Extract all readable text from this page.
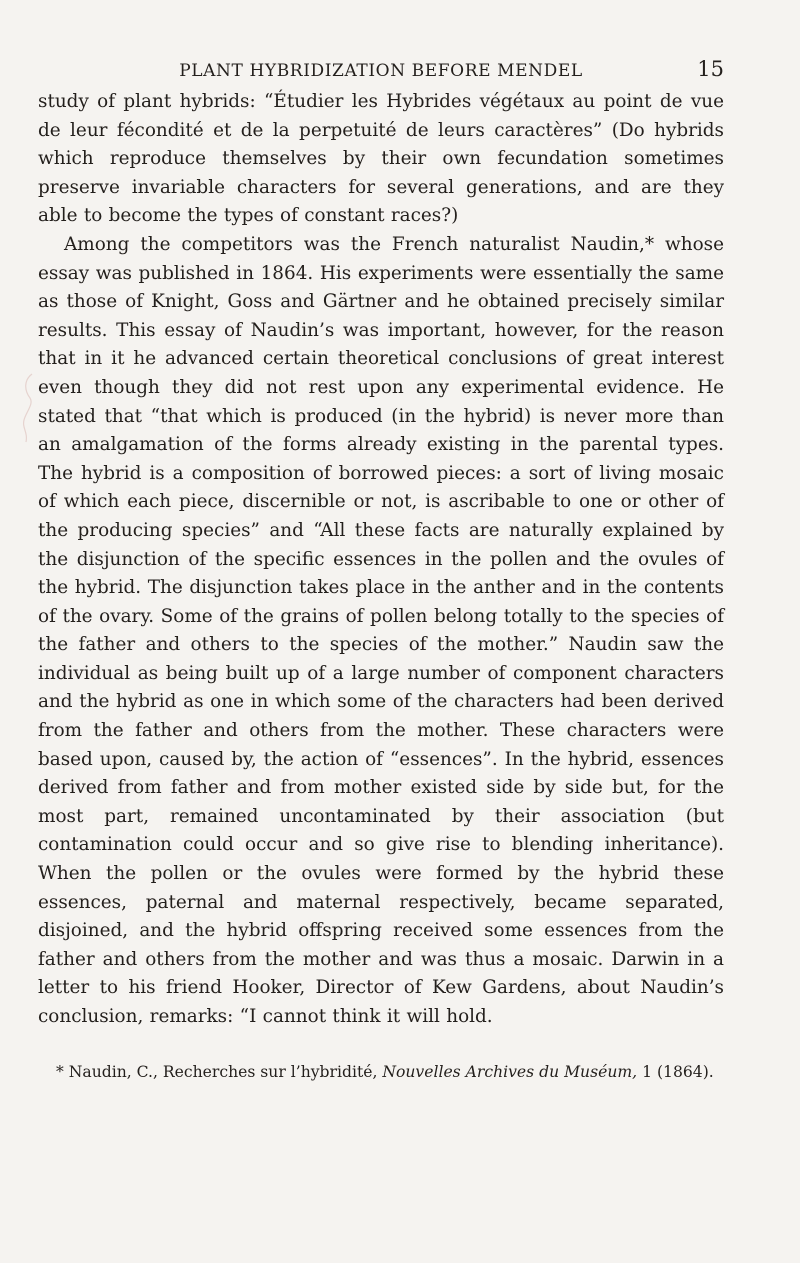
PLANT HYBRIDIZATION BEFORE MENDEL	15

study of plant hybrids: “Étudier les Hybrides végétaux au point de vue de leur fécondité et de la perpetuité de leurs caractères” (Do hybrids which reproduce themselves by their own fecundation sometimes preserve invariable characters for several generations, and are they able to become the types of constant races?)

Among the competitors was the French naturalist Naudin,* whose essay was published in 1864. His experiments were essentially the same as those of Knight, Goss and Gärtner and he obtained precisely similar results. This essay of Naudin’s was important, however, for the reason that in it he advanced certain theoretical conclusions of great interest even though they did not rest upon any experimental evidence. He stated that “that which is produced (in the hybrid) is never more than an amalgamation of the forms already existing in the parental types. The hybrid is a composition of borrowed pieces: a sort of living mosaic of which each piece, discernible or not, is ascribable to one or other of the producing species” and “All these facts are naturally explained by the disjunction of the specific essences in the pollen and the ovules of the hybrid. The disjunction takes place in the anther and in the contents of the ovary. Some of the grains of pollen belong totally to the species of the father and others to the species of the mother.” Naudin saw the individual as being built up of a large number of component characters and the hybrid as one in which some of the characters had been derived from the father and others from the mother. These characters were based upon, caused by, the action of “essences”. In the hybrid, essences derived from father and from mother existed side by side but, for the most part, remained uncontaminated by their association (but contamination could occur and so give rise to blending inheritance). When the pollen or the ovules were formed by the hybrid these essences, paternal and maternal respectively, became separated, disjoined, and the hybrid offspring received some essences from the father and others from the mother and was thus a mosaic. Darwin in a letter to his friend Hooker, Director of Kew Gardens, about Naudin’s conclusion, remarks: “I cannot think it will hold.

* Naudin, C., Recherches sur l’hybridité, Nouvelles Archives du Muséum, 1 (1864).
